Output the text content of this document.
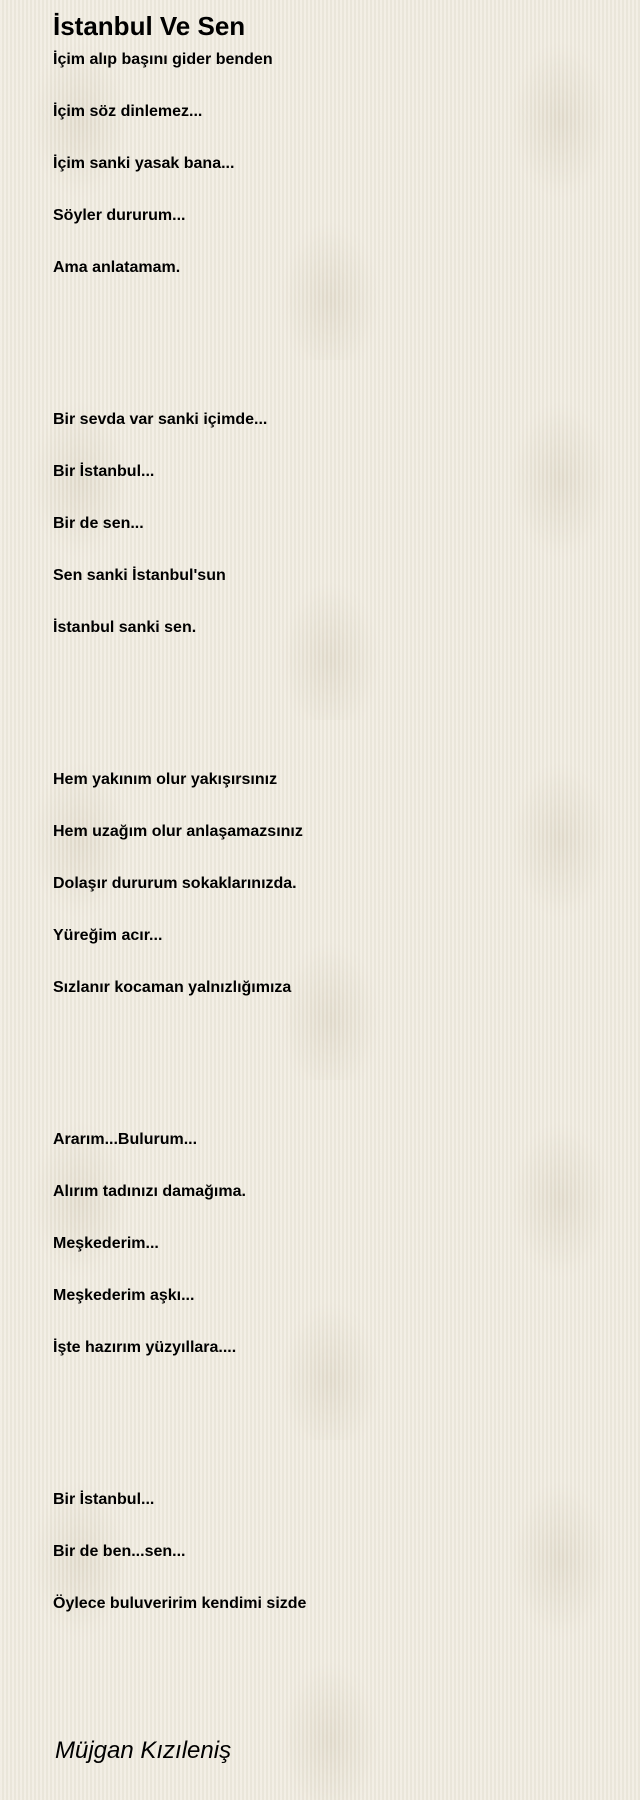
İstanbul Ve Sen
İçim alıp başını gider benden
İçim söz dinlemez...
İçim sanki yasak bana...
Söyler dururum...
Ama anlatamam.
Bir sevda var sanki içimde...
Bir İstanbul...
Bir de sen...
Sen sanki İstanbul'sun
İstanbul sanki sen.
Hem yakınım olur yakışırsınız
Hem uzağım olur anlaşamazsınız
Dolaşır dururum sokaklarınızda.
Yüreğim acır...
Sızlanır kocaman yalnızlığımıza
Ararım...Bulurum...
Alırım tadınızı damağıma.
Meşkederim...
Meşkederim aşkı...
İşte hazırım yüzyıllara....
Bir İstanbul...
Bir de ben...sen...
Öylece buluveririm kendimi sizde
Müjgan Kızıleniş
